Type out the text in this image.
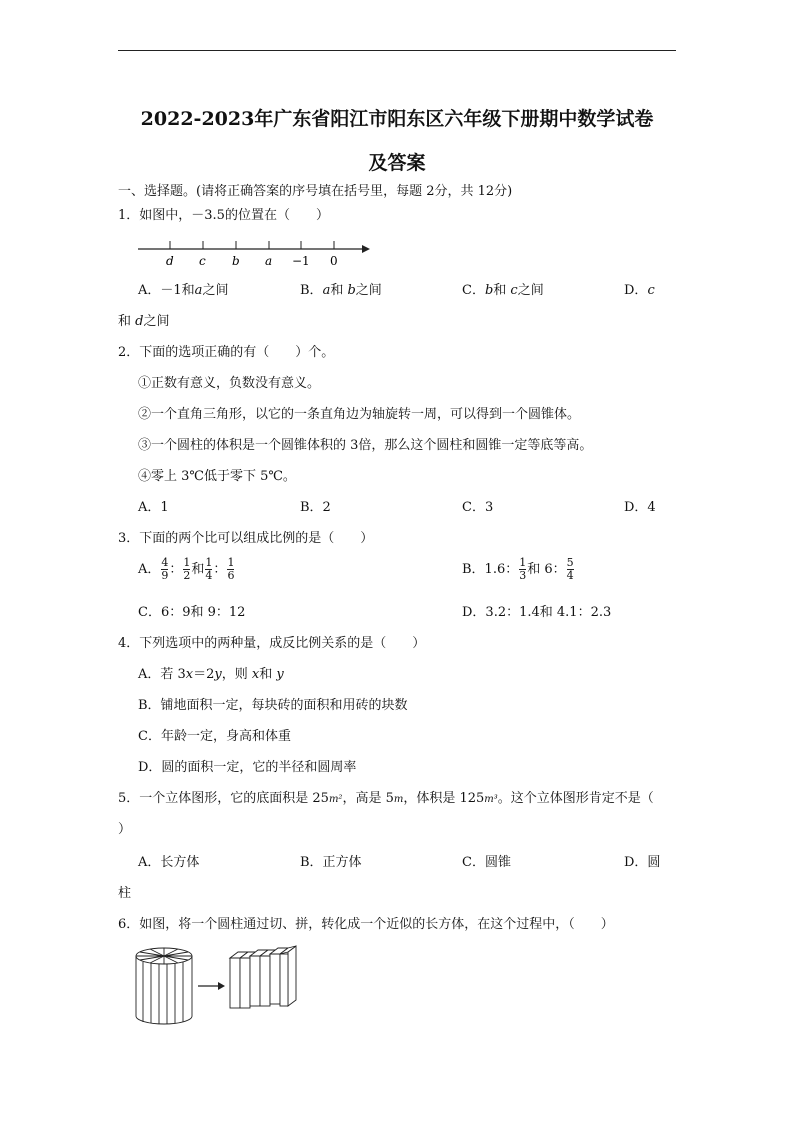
2022-2023年广东省阳江市阳东区六年级下册期中数学试卷
及答案
一、选择题。(请将正确答案的序号填在括号里，每题 2分，共 12分)
1．如图中，－3.5的位置在（　　）
d c b a −1 0
A．－1和a之间	B．a和 b之间	C．b和 c之间	D．c
和 d之间
2．下面的选项正确的有（　　）个。
①正数有意义，负数没有意义。
②一个直角三角形，以它的一条直角边为轴旋转一周，可以得到一个圆锥体。
③一个圆柱的体积是一个圆锥体积的 3倍，那么这个圆柱和圆锥一定等底等高。
④零上 3℃低于零下 5℃。
A．1	B．2	C．3	D．4
3．下面的两个比可以组成比例的是（　　）
A． $\frac{4}{9}$ ： $\frac{1}{2}$ 和 $\frac{1}{4}$ ： $\frac{1}{6}$	B．1.6： $\frac{1}{3}$ 和 6： $\frac{5}{4}$
C．6：9和 9：12	D．3.2：1.4和 4.1：2.3
4．下列选项中的两种量，成反比例关系的是（　　）
A．若 3x＝2y，则 x和 y
B．铺地面积一定，每块砖的面积和用砖的块数
C．年龄一定，身高和体重
D．圆的面积一定，它的半径和圆周率
5．一个立体图形，它的底面积是 25m²，高是 5m，体积是 125m³。这个立体图形肯定不是（
）
A．长方体	B．正方体	C．圆锥	D．圆
柱
6．如图，将一个圆柱通过切、拼，转化成一个近似的长方体，在这个过程中，（　　）
